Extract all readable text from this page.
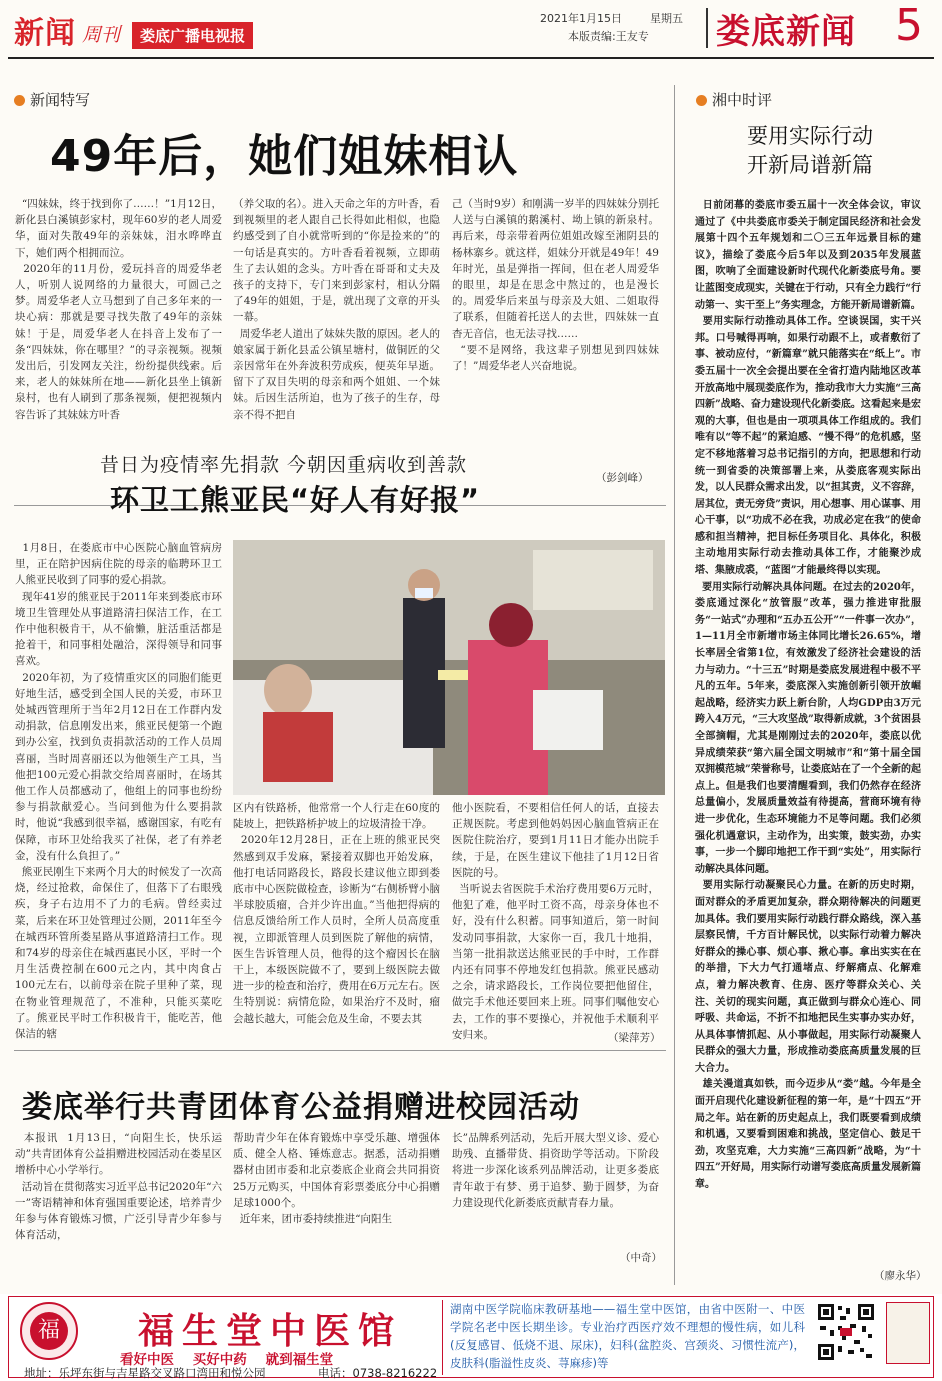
新闻 周刊	娄底广播电视报
2021年1月15日	星期五
本版责编:王友专 娄底新闻 5
新闻特写
49年后，她们姐妹相认
“四妹妹，终于找到你了……！”1月12日，新化县白溪镇彭家村，现年60岁的老人周爱华，面对失散49年的亲妹妹，泪水哗哗直下，她们两个相拥而泣。
2020年的11月份，爱玩抖音的周爱华老人，听别人说网络的力量很大，可圆己之梦。周爱华老人立马想到了自己多年来的一块心病：那就是要寻找失散了49年的亲妹妹！于是，周爱华老人在抖音上发布了一条“四妹妹，你在哪里？”的寻亲视频。视频发出后，引发网友关注，纷纷提供线索。后来，老人的妹妹所在地——新化县坐上镇新泉村，也有人刷到了那条视频，便把视频内容告诉了其妹妹方叶香
（养父取的名）。进入天命之年的方叶香，看到视频里的老人跟自己长得如此相似，也隐约感受到了自小就常听到的“你是捡来的”的一句话是真实的。方叶香看着视频，立即萌生了去认姐的念头。方叶香在哥哥和丈夫及孩子的支持下，专门来到彭家村，相认分隔了49年的姐姐，于是，就出现了文章的开头一幕。
周爱华老人道出了妹妹失散的原因。老人的娘家属于新化县孟公镇星塘村，做铜匠的父亲因常年在外奔波积劳成疾，便英年早逝。留下了双目失明的母亲和两个姐姐、一个妹妹。后因生活所迫，也为了孩子的生存，母亲不得不把自
己（当时9岁）和刚满一岁半的四妹妹分别托人送与白溪镇的鹅溪村、坳上镇的新泉村。再后来，母亲带着两位姐姐改嫁至湘阴县的杨林寨乡。就这样，姐妹分开就是49年！49年时光，虽是弹指一挥间，但在老人周爱华的眼里，却是在思念中熬过的，也是漫长的。周爱华后来虽与母亲及大姐、二姐取得了联系，但随着托送人的去世，四妹妹一直杳无音信，也无法寻找……
“要不是网络，我这辈子别想见到四妹妹了！”周爱华老人兴奋地说。
（彭剑峰）
昔日为疫情率先捐款 今朝因重病收到善款
环卫工熊亚民“好人有好报”
1月8日，在娄底市中心医院心脑血管病房里，正在陪护因病住院的母亲的临聘环卫工人熊亚民收到了同事的爱心捐款。
现年41岁的熊亚民于2011年来到娄底市环境卫生管理处从事道路清扫保洁工作，在工作中他积极肯干，从不偷懒，脏活重活都是抢着干，和同事相处融洽，深得领导和同事喜欢。
2020年初，为了疫情重灾区的同胞们能更好地生活，感受到全国人民的关爱，市环卫处城西管理所于当年2月12日在工作群内发动捐款，信息刚发出来，熊亚民便第一个跑到办公室，找到负责捐款活动的工作人员周喜丽，当时周喜丽还以为他领生产工具，当他把100元爱心捐款交给周喜丽时，在场其他工作人员都感动了，他组上的同事也纷纷参与捐款献爱心。当问到他为什么要捐款时，他说“我感到很幸福，感谢国家，有吃有保障，市环卫处给我买了社保，老了有养老金，没有什么負担了。”
熊亚民刚生下来两个月大的时候发了一次高烧，经过抢救，命保住了，但落下了右眼残疾，身子右边用不了力的毛病。曾经卖过菜，后来在环卫处管理过公厕，2011年至今在城西环管所娄星路从事道路清扫工作。现和74岁的母亲住在城西惠民小区，平时一个月生活费控制在600元之内，其中肉食占100元左右，以前母亲在院子里种了菜，现在物业管理规范了，不准种，只能买菜吃了。熊亚民平时工作积极肯干，能吃苦，他保洁的辖
区内有铁路桥，他常常一个人行走在60度的陡坡上，把铁路桥护坡上的垃圾清捡干净。
2020年12月28日，正在上班的熊亚民突然感到双手发麻，紧接着双脚也开始发麻，他打电话同路段长，路段长建议他立即到娄底市中心医院做检查，诊断为“右侧桥臂小脑半球胶质瘤，合并少许出血。”当他把得病的信息反馈给所工作人员时，全所人员高度重视，立即派管理人员到医院了解他的病情，医生告诉管理人员，他得的这个瘤因长在脑干上，本级医院做不了，要到上级医院去做进一步的检查和治疗，费用在6万元左右。医生特别说：病情危险，如果治疗不及时，瘤会越长越大，可能会危及生命，不要去其
他小医院看，不要相信任何人的话，直接去正规医院。考虑到他妈妈因心脑血管病正在医院住院治疗，要到1月11日才能办出院手续，于是，在医生建议下他挂了1月12日省医院的号。
当听说去省医院手术治疗费用要6万元时，他犯了难，他平时工资不高，母亲身体也不好，没有什么积蓄。同事知道后，第一时间发动同事捐款，大家你一百，我几十地捐，当第一批捐款送达熊亚民的手中时，工作群内还有同事不停地发红包捐款。熊亚民感动之余，请求路段长，工作岗位要把他留住，做完手术他还要回来上班。同事们嘱他安心去，工作的事不要操心，并祝他手术顺利平安归来。	（梁萍芳）
娄底举行共青团体育公益捐赠进校园活动
本报讯  1月13日，“向阳生长，快乐运动”共青团体育公益捐赠进校园活动在娄星区增桥中心小学举行。
活动旨在贯彻落实习近平总书记2020年“六一”寄语精神和体育强国重要论述，培养青少年参与体育锻炼习惯，广泛引导青少年参与体育活动，
帮助青少年在体育锻炼中享受乐趣、增强体质、健全人格、锤炼意志。据悉，活动捐赠器材由团市委和北京娄底企业商会共同捐资25万元购买，中国体育彩票娄底分中心捐赠足球1000个。
近年来，团市委持续推进“向阳生
长”品牌系列活动，先后开展大型义诊、爱心助残、直播带货、捐资助学等活动。下阶段将进一步深化该系列品牌活动，让更多娄底青年敢于有梦、勇于追梦、勤于圆梦，为奋力建设现代化新娄底贡献青春力量。
（中奇）
湘中时评
要用实际行动
开新局谱新篇
日前闭幕的娄底市委五届十一次全体会议，审议通过了《中共娄底市委关于制定国民经济和社会发展第十四个五年规划和二〇三五年远景目标的建议》，描绘了娄底今后5年以及到2035年发展蓝图，吹响了全面建设新时代现代化新娄底号角。要让蓝图变成现实，关键在于行动，只有全力践行“行动第一、实干至上”务实理念，方能开新局谱新篇。
要用实际行动推动具体工作。空谈误国，实干兴邦。口号喊得再响，如果行动跟不上，或者敷衍了事、被动应付，“新篇章”就只能落实在“纸上”。市委五届十一次全会提出要在全省打造内陆地区改革开放高地中展现娄底作为，推动我市大力实施“三高四新”战略、奋力建设现代化新娄底。这看起来是宏观的大事，但也是由一项项具体工作组成的。我们唯有以“等不起”的紧迫感、“慢不得”的危机感，坚定不移地落着习总书记指引的方向，把思想和行动统一到省委的决策部署上来，从娄底客观实际出发，以人民群众需求出发，以“担其责，义不容辞，居其位，责无旁贷”责识，用心想事、用心谋事、用心干事，以“功成不必在我，功成必定在我”的使命感和担当精神，把目标任务项目化、具体化，积极主动地用实际行动去推动具体工作，才能聚沙成塔、集腋成裘，“蓝图”才能最终得以实现。
要用实际行动解决具体问题。在过去的2020年，娄底通过深化“放管服”改革，强力推进审批服务“一站式”办理和“五办五公开”“一件事一次办”，1—11月全市新增市场主体同比增长26.65%，增长率居全省第1位，有效激发了经济社会建设的活力与动力。“十三五”时期是娄底发展进程中极不平凡的五年。5年来，娄底深入实施创新引领开放崛起战略，经济实力跃上新台阶，人均GDP由3万元跨入4万元，“三大攻坚战”取得新成就，3个贫困县全部摘帽，尤其是刚刚过去的2020年，娄底以优异成绩荣获“第六届全国文明城市”和“第十届全国双拥模范城”荣誉称号，让娄底站在了一个全新的起点上。但是我们也要清醒看到，我们仍然存在经济总量偏小，发展质量效益有待提高，营商环境有待进一步优化，生态环境能力不足等问题。我们必须强化机遇意识，主动作为，出实策，鼓实劲，办实事，一步一个脚印地把工作干到“实处”，用实际行动解决具体问题。
要用实际行动凝聚民心力量。在新的历史时期，面对群众的矛盾更加复杂，群众期待解决的问题更加具体。我们要用实际行动践行群众路线，深入基层察民情，千方百计解民忧，以实际行动着力解决好群众的操心事、烦心事、揪心事。拿出实实在在的举措，下大力气打通堵点、纾解痛点、化解难点，着力解决教育、住房、医疗等群众关心、关注、关切的现实问题，真正做到与群众心连心、同呼吸、共命运，不折不扣地把民生实事办实办好，从具体事情抓起、从小事做起，用实际行动凝聚人民群众的强大力量，形成推动娄底高质量发展的巨大合力。
雄关漫道真如铁，而今迈步从“娄”越。今年是全面开启现代化建设新征程的第一年，是“十四五”开局之年。站在新的历史起点上，我们既要看到成绩和机遇，又要看到困难和挑战，坚定信心、鼓足干劲，攻坚克难，大力实施“三高四新”战略，为“十四五”开好局，用实际行动谱写娄底高质量发展新篇章。
（廖永华）
福 福生堂中医馆
看好中医    买好中药    就到福生堂
地址：乐坪东街与吉星路交叉路口湾田和悦公园	电话：0738-8216222
湖南中医学院临床教研基地——福生堂中医馆，由省中医附一、中医学院名老中医长期坐诊。专业治疗西医疗效不理想的慢性病，如儿科(反复感冒、低烧不退、尿床)，妇科(盆腔炎、宫颈炎、习惯性流产)，皮肤科(脂溢性皮炎、荨麻疹)等
